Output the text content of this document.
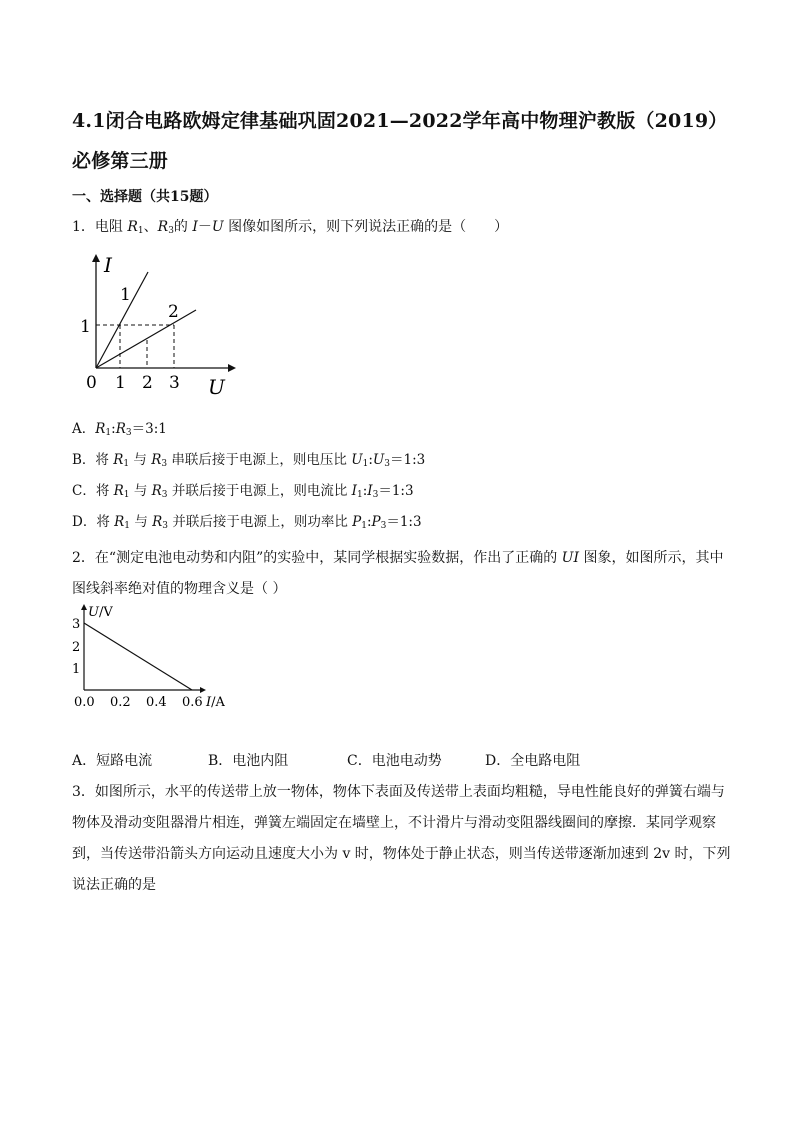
4.1闭合电路欧姆定律基础巩固2021—2022学年高中物理沪教版（2019）
必修第三册
一、选择题（共15题）
1．电阻 $R_1$、$R_3$的 I－U 图像如图所示，则下列说法正确的是（　　）
I
U
0 1 2 3
1
1
2
A．$R_1:R_3=3:1$
B．将 $R_1$ 与 $R_3$ 串联后接于电源上，则电压比 $U_1:U_3=1:3$
C．将 $R_1$ 与 $R_3$ 并联后接于电源上，则电流比 $I_1:I_3=1:3$
D．将 $R_1$ 与 $R_3$ 并联后接于电源上，则功率比 $P_1:P_3=1:3$
2．在“测定电池电动势和内阻”的实验中，某同学根据实验数据，作出了正确的 UI 图象，如图所示，其中
图线斜率绝对值的物理含义是（ ）
U/V
I/A
3
2
1
0.0 0.2 0.4 0.6
A．短路电流	B．电池内阻	C．电池电动势	D．全电路电阻
3．如图所示，水平的传送带上放一物体，物体下表面及传送带上表面均粗糙，导电性能良好的弹簧右端与
物体及滑动变阻器滑片相连，弹簧左端固定在墙壁上，不计滑片与滑动变阻器线圈间的摩擦．某同学观察
到，当传送带沿箭头方向运动且速度大小为 v 时，物体处于静止状态，则当传送带逐渐加速到 2v 时，下列
说法正确的是
